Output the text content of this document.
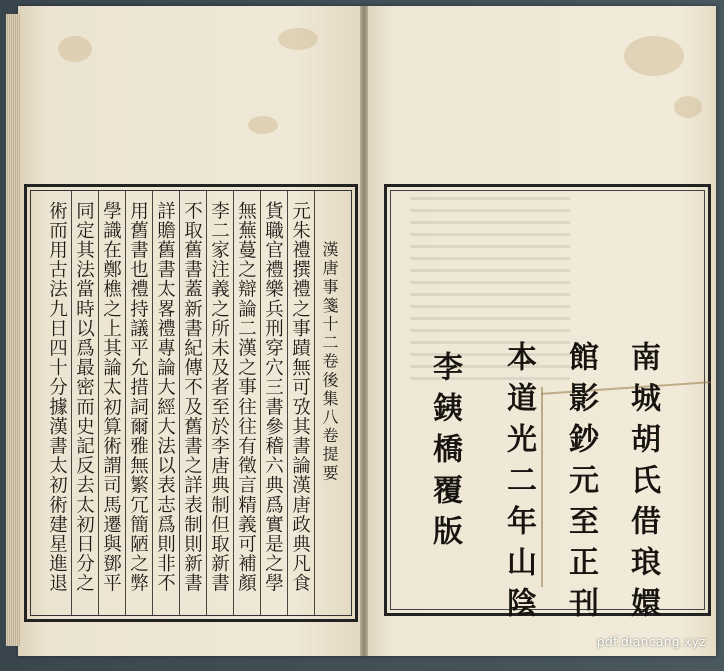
漢唐事箋十二卷後集八卷提要
元朱禮撰禮之事蹟無可攷其書論漢唐政典凡食
貨職官禮樂兵刑穿穴三書參稽六典爲實是之學
無蕪蔓之辯論二漢之事往往有徵言精義可補顏
李二家注義之所未及者至於李唐典制但取新書
不取舊書蓋新書紀傳不及舊書之詳表制則新書
詳贍舊書太畧禮專論大經大法以表志爲則非不
用舊書也禮持議平允措詞爾雅無繁冗簡陋之弊
學識在鄭樵之上其論太初算術謂司馬遷與鄧平
同定其法當時以爲最密而史記反去太初日分之
術而用古法九日四十分據漢書太初術建星進退	南城胡氏借琅嬛
館影鈔元至正刊
本道光二年山陰
李銕橋覆版
pdf.diancang.xyz
